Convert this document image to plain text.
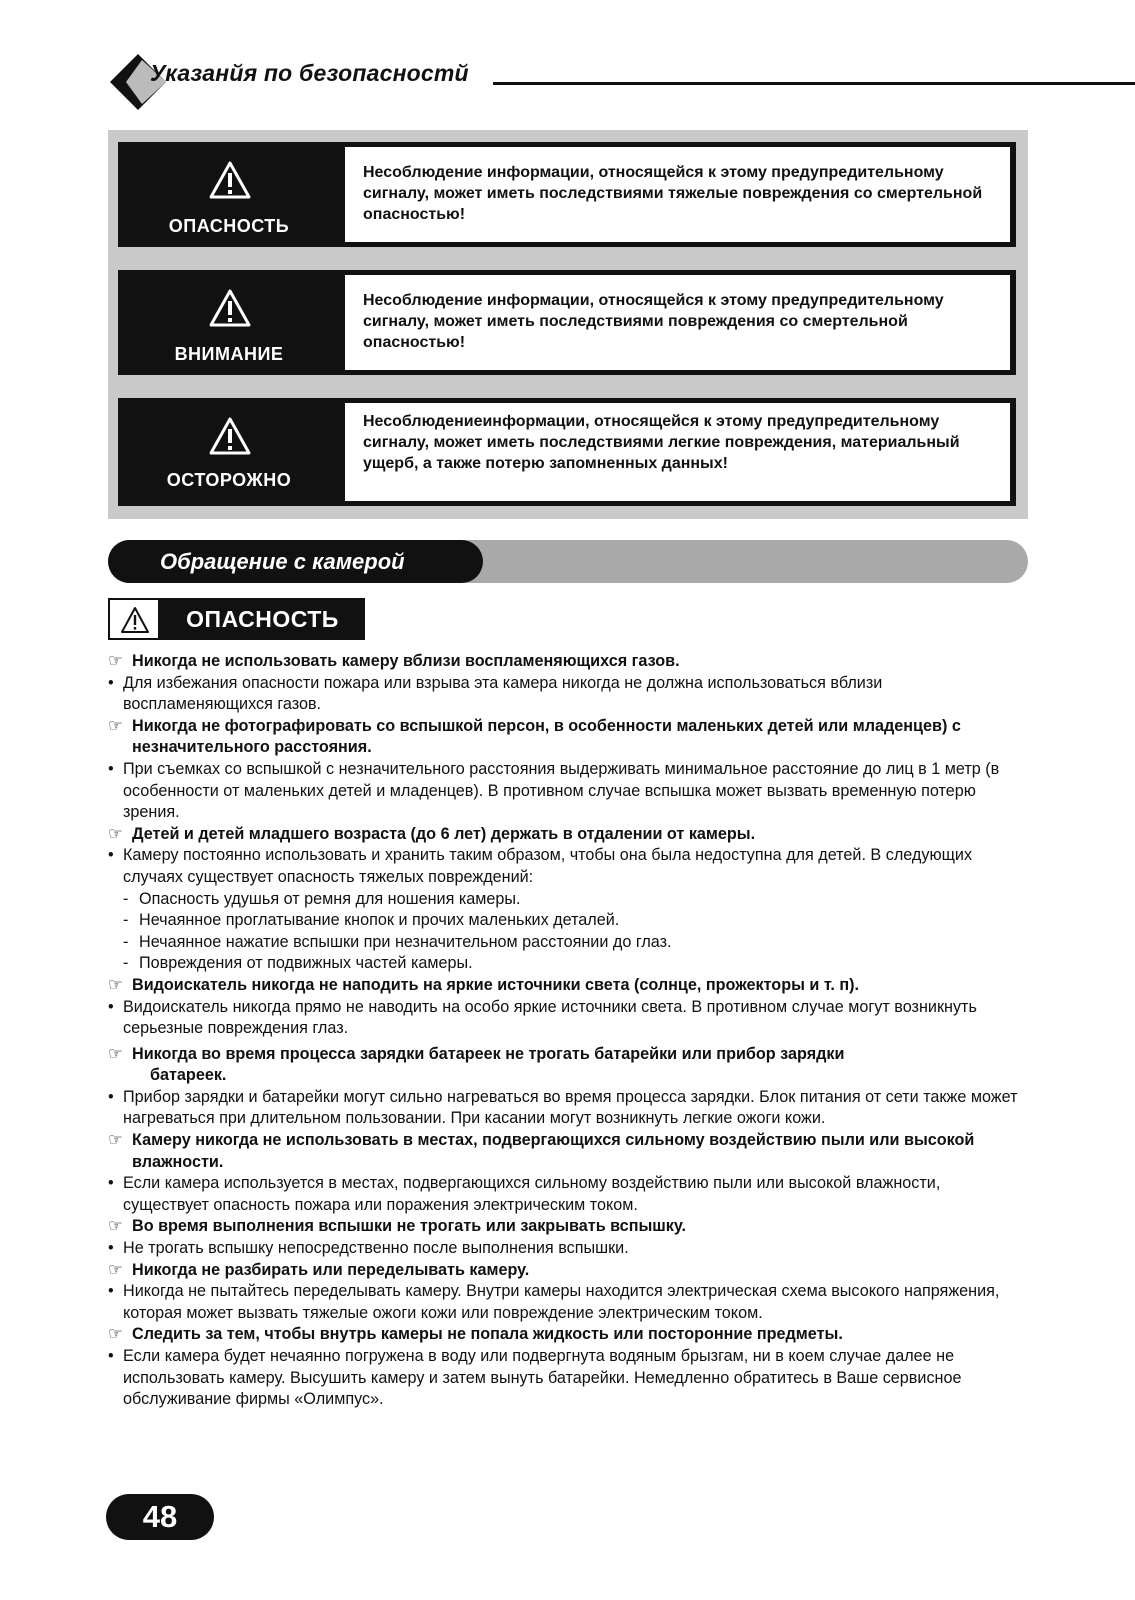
Указанйя по безопасностй
ОПАСНОСТЬ
Несоблюдение информации, относящейся к этому предупредительному сигналу, может иметь последствиями тяжелые повреждения со смертельной опасностью!
ВНИМАНИЕ
Несоблюдение информации, относящейся к этому предупредительному сигналу, может иметь последствиями повреждения со смертельной опасностью!
ОСТОРОЖНО
Несоблюдениеинформации, относящейся к этому предупредительному сигналу, может иметь последствиями легкие повреждения, материальный ущерб, а также потерю запомненных данных!
Обращение с камерой
ОПАСНОСТЬ
☞ Никогда не использовать камеру вблизи воспламеняющихся газов.
• Для избежания опасности пожара или взрыва эта камера никогда не должна использоваться вблизи воспламеняющихся газов.
☞ Никогда не фотографировать со вспышкой персон, в особенности маленьких детей или младенцев) с незначительного расстояния.
• При съемках со вспышкой с незначительного расстояния выдерживать минимальное расстояние до лиц в 1 метр (в особенности от маленьких детей и младенцев). В противном случае вспышка может вызвать временную потерю зрения.
☞ Детей и детей младшего возраста (до 6 лет) держать в отдалении от камеры.
• Камеру постоянно использовать и хранить таким образом, чтобы она была недоступна для детей. В следующих случаях существует опасность тяжелых повреждений:
- Опасность удушья от ремня для ношения камеры.
- Нечаянное проглатывание кнопок и прочих маленьких деталей.
- Нечаянное нажатие вспышки при незначительном расстоянии до глаз.
- Повреждения от подвижных частей камеры.
☞ Видоискатель никогда не наподить на яркие источники света (солнце, прожекторы и т. п).
• Видоискатель никогда прямо не наводить на особо яркие источники света. В противном случае могут возникнуть серьезные повреждения глаз.
☞ Никогда во время процесса зарядки батареек не трогать батарейки или прибор зарядки
батареек.
• Прибор зарядки и батарейки могут сильно нагреваться во время процесса зарядки. Блок питания от сети также может нагреваться при длительном пользовании. При касании могут возникнуть легкие ожоги кожи.
☞ Камеру никогда не использовать в местах, подвергающихся сильному воздействию пыли или высокой влажности.
• Если камера используется в местах, подвергающихся сильному воздействию пыли или высокой влажности, существует опасность пожара или поражения электрическим током.
☞ Во время выполнения вспышки не трогать или закрывать вспышку.
• Не трогать вспышку непосредственно после выполнения вспышки.
☞ Никогда не разбирать или переделывать камеру.
• Никогда не пытайтесь переделывать камеру. Внутри камеры находится электрическая схема высокого напряжения, которая может вызвать тяжелые ожоги кожи или повреждение электрическим током.
☞ Следить за тем, чтобы внутрь камеры не попала жидкость или посторонние предметы.
• Если камера будет нечаянно погружена в воду или подвергнута водяным брызгам, ни в коем случае далее не использовать камеру. Высушить камеру и затем вынуть батарейки. Немедленно обратитесь в Ваше сервисное обслуживание фирмы «Олимпус».
48
